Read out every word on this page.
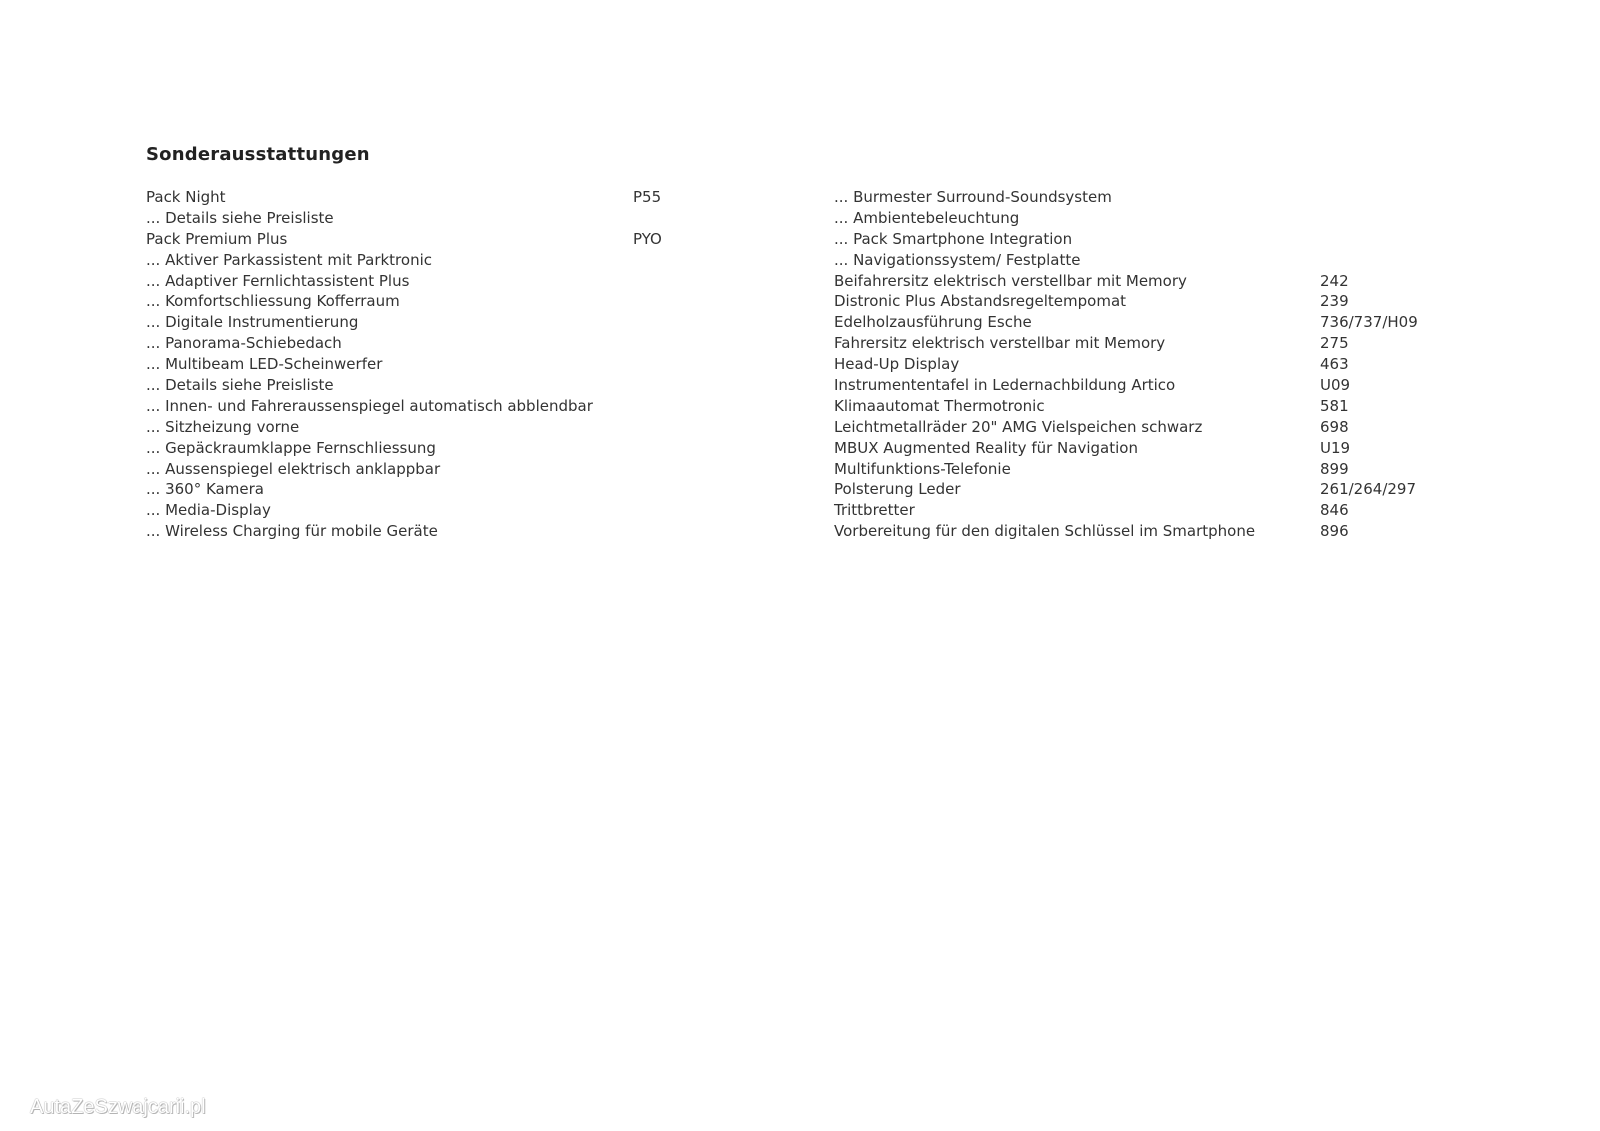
Sonderausstattungen
Pack Night	P55
... Details siehe Preisliste
Pack Premium Plus	PYO
... Aktiver Parkassistent mit Parktronic
... Adaptiver Fernlichtassistent Plus
... Komfortschliessung Kofferraum
... Digitale Instrumentierung
... Panorama-Schiebedach
... Multibeam LED-Scheinwerfer
... Details siehe Preisliste
... Innen- und Fahreraussenspiegel automatisch abblendbar
... Sitzheizung vorne
... Gepäckraumklappe Fernschliessung
... Aussenspiegel elektrisch anklappbar
... 360° Kamera
... Media-Display
... Wireless Charging für mobile Geräte
... Burmester Surround-Soundsystem
... Ambientebeleuchtung
... Pack Smartphone Integration
... Navigationssystem/ Festplatte
Beifahrersitz elektrisch verstellbar mit Memory	242
Distronic Plus Abstandsregeltempomat	239
Edelholzausführung Esche	736/737/H09
Fahrersitz elektrisch verstellbar mit Memory	275
Head-Up Display	463
Instrumententafel in Ledernachbildung Artico	U09
Klimaautomat Thermotronic	581
Leichtmetallräder 20" AMG Vielspeichen schwarz	698
MBUX Augmented Reality für Navigation	U19
Multifunktions-Telefonie	899
Polsterung Leder	261/264/297
Trittbretter	846
Vorbereitung für den digitalen Schlüssel im Smartphone	896
AutaZeSzwajcarii.pl
